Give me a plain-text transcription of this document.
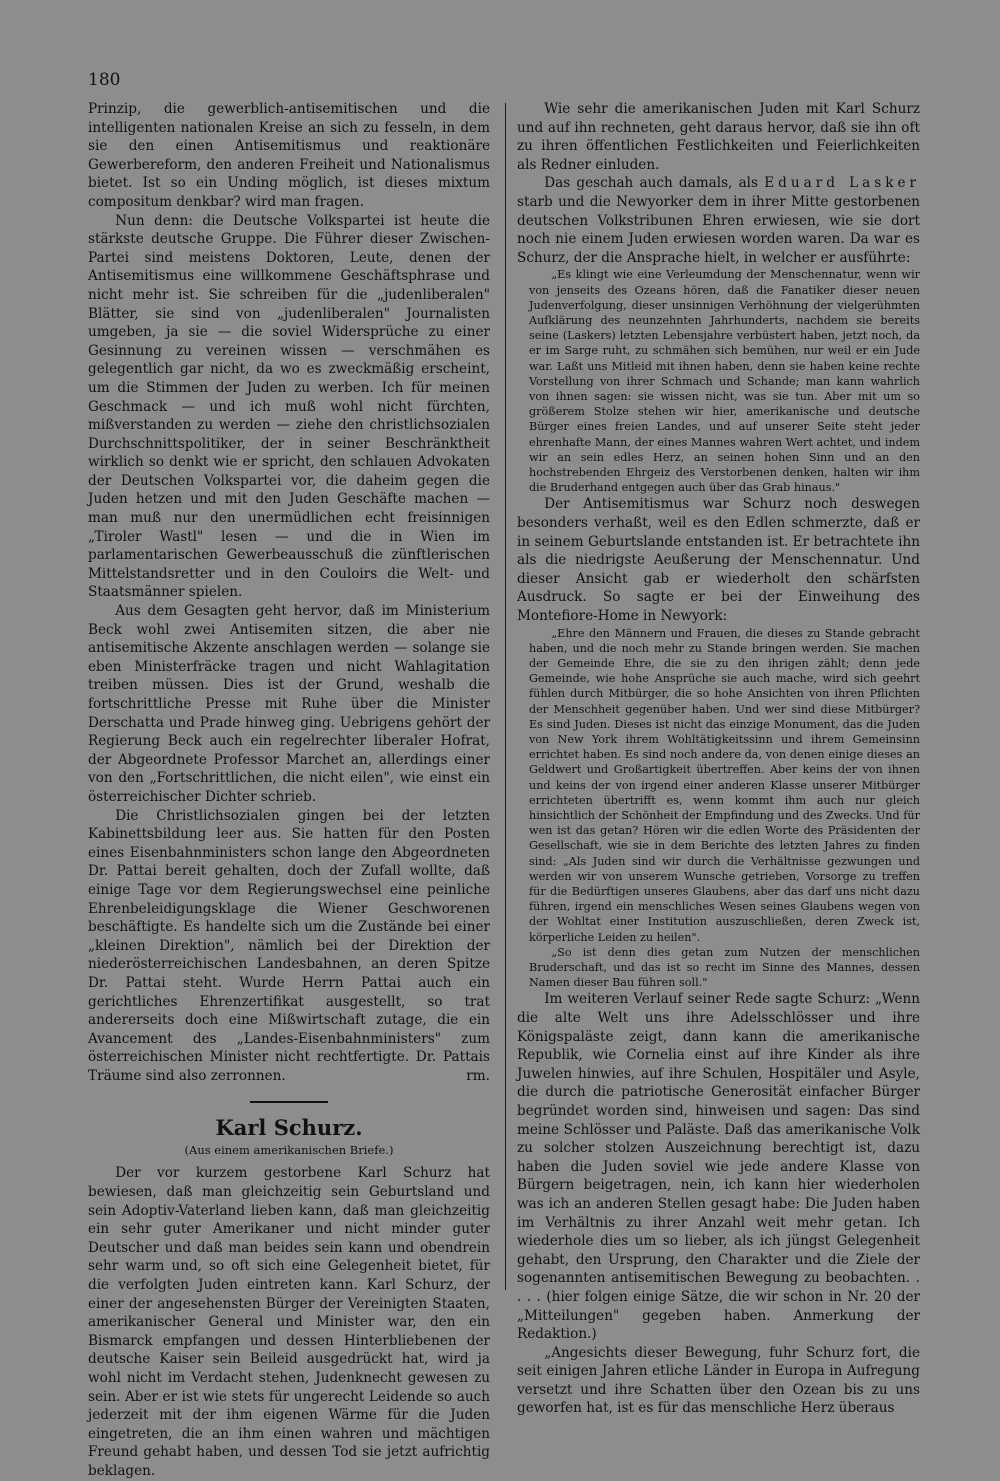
180

Prinzip, die gewerblich-antisemitischen und die intelligenten nationalen Kreise an sich zu fesseln, in dem sie den einen Antisemitismus und reaktionäre Gewerbereform, den anderen Freiheit und Nationalismus bietet. Ist so ein Unding möglich, ist dieses mixtum compositum denkbar? wird man fragen.

Nun denn: die Deutsche Volkspartei ist heute die stärkste deutsche Gruppe. Die Führer dieser Zwischen-Partei sind meistens Doktoren, Leute, denen der Antisemitismus eine willkommene Geschäftsphrase und nicht mehr ist. Sie schreiben für die „judenliberalen" Blätter, sie sind von „judenliberalen" Journalisten umgeben, ja sie — die soviel Widersprüche zu einer Gesinnung zu vereinen wissen — verschmähen es gelegentlich gar nicht, da wo es zweckmäßig erscheint, um die Stimmen der Juden zu werben. Ich für meinen Geschmack — und ich muß wohl nicht fürchten, mißverstanden zu werden — ziehe den christlichsozialen Durchschnittspolitiker, der in seiner Beschränktheit wirklich so denkt wie er spricht, den schlauen Advokaten der Deutschen Volkspartei vor, die daheim gegen die Juden hetzen und mit den Juden Geschäfte machen — man muß nur den unermüdlichen echt freisinnigen „Tiroler Wastl" lesen — und die in Wien im parlamentarischen Gewerbeausschuß die zünftlerischen Mittelstandsretter und in den Couloirs die Welt- und Staatsmänner spielen.

Aus dem Gesagten geht hervor, daß im Ministerium Beck wohl zwei Antisemiten sitzen, die aber nie antisemitische Akzente anschlagen werden — solange sie eben Ministerfräcke tragen und nicht Wahlagitation treiben müssen. Dies ist der Grund, weshalb die fortschrittliche Presse mit Ruhe über die Minister Derschatta und Prade hinweg ging. Uebrigens gehört der Regierung Beck auch ein regelrechter liberaler Hofrat, der Abgeordnete Professor Marchet an, allerdings einer von den „Fortschrittlichen, die nicht eilen", wie einst ein österreichischer Dichter schrieb.

Die Christlichsozialen gingen bei der letzten Kabinettsbildung leer aus. Sie hatten für den Posten eines Eisenbahnministers schon lange den Abgeordneten Dr. Pattai bereit gehalten, doch der Zufall wollte, daß einige Tage vor dem Regierungswechsel eine peinliche Ehrenbeleidigungsklage die Wiener Geschworenen beschäftigte. Es handelte sich um die Zustände bei einer „kleinen Direktion", nämlich bei der Direktion der niederösterreichischen Landesbahnen, an deren Spitze Dr. Pattai steht. Wurde Herrn Pattai auch ein gerichtliches Ehrenzertifikat ausgestellt, so trat andererseits doch eine Mißwirtschaft zutage, die ein Avancement des „Landes-Eisenbahnministers" zum österreichischen Minister nicht rechtfertigte. Dr. Pattais Träume sind also zerronnen.	rm.

Karl Schurz.
(Aus einem amerikanischen Briefe.)

Der vor kurzem gestorbene Karl Schurz hat bewiesen, daß man gleichzeitig sein Geburtsland und sein Adoptiv-Vaterland lieben kann, daß man gleichzeitig ein sehr guter Amerikaner und nicht minder guter Deutscher und daß man beides sein kann und obendrein sehr warm und, so oft sich eine Gelegenheit bietet, für die verfolgten Juden eintreten kann. Karl Schurz, der einer der angesehensten Bürger der Vereinigten Staaten, amerikanischer General und Minister war, den ein Bismarck empfangen und dessen Hinterbliebenen der deutsche Kaiser sein Beileid ausgedrückt hat, wird ja wohl nicht im Verdacht stehen, Judenknecht gewesen zu sein. Aber er ist wie stets für ungerecht Leidende so auch jederzeit mit der ihm eigenen Wärme für die Juden eingetreten, die an ihm einen wahren und mächtigen Freund gehabt haben, und dessen Tod sie jetzt aufrichtig beklagen.

Wie sehr die amerikanischen Juden mit Karl Schurz und auf ihn rechneten, geht daraus hervor, daß sie ihn oft zu ihren öffentlichen Festlichkeiten und Feierlichkeiten als Redner einluden.

Das geschah auch damals, als Eduard Lasker starb und die Newyorker dem in ihrer Mitte gestorbenen deutschen Volkstribunen Ehren erwiesen, wie sie dort noch nie einem Juden erwiesen worden waren. Da war es Schurz, der die Ansprache hielt, in welcher er ausführte:

„Es klingt wie eine Verleumdung der Menschennatur, wenn wir von jenseits des Ozeans hören, daß die Fanatiker dieser neuen Judenverfolgung, dieser unsinnigen Verhöhnung der vielgerühmten Aufklärung des neunzehnten Jahrhunderts, nachdem sie bereits seine (Laskers) letzten Lebensjahre verbüstert haben, jetzt noch, da er im Sarge ruht, zu schmähen sich bemühen, nur weil er ein Jude war. Laßt uns Mitleid mit ihnen haben, denn sie haben keine rechte Vorstellung von ihrer Schmach und Schande; man kann wahrlich von ihnen sagen: sie wissen nicht, was sie tun. Aber mit um so größerem Stolze stehen wir hier, amerikanische und deutsche Bürger eines freien Landes, und auf unserer Seite steht jeder ehrenhafte Mann, der eines Mannes wahren Wert achtet, und indem wir an sein edles Herz, an seinen hohen Sinn und an den hochstrebenden Ehrgeiz des Verstorbenen denken, halten wir ihm die Bruderhand entgegen auch über das Grab hinaus."

Der Antisemitismus war Schurz noch deswegen besonders verhaßt, weil es den Edlen schmerzte, daß er in seinem Geburtslande entstanden ist. Er betrachtete ihn als die niedrigste Aeußerung der Menschennatur. Und dieser Ansicht gab er wiederholt den schärfsten Ausdruck. So sagte er bei der Einweihung des Montefiore-Home in Newyork:

„Ehre den Männern und Frauen, die dieses zu Stande gebracht haben, und die noch mehr zu Stande bringen werden. Sie machen der Gemeinde Ehre, die sie zu den ihrigen zählt; denn jede Gemeinde, wie hohe Ansprüche sie auch mache, wird sich geehrt fühlen durch Mitbürger, die so hohe Ansichten von ihren Pflichten der Menschheit gegenüber haben. Und wer sind diese Mitbürger? Es sind Juden. Dieses ist nicht das einzige Monument, das die Juden von New York ihrem Wohltätigkeitssinn und ihrem Gemeinsinn errichtet haben. Es sind noch andere da, von denen einige dieses an Geldwert und Großartigkeit übertreffen. Aber keins der von ihnen und keins der von irgend einer anderen Klasse unserer Mitbürger errichteten übertrifft es, wenn kommt ihm auch nur gleich hinsichtlich der Schönheit der Empfindung und des Zwecks. Und für wen ist das getan? Hören wir die edlen Worte des Präsidenten der Gesellschaft, wie sie in dem Berichte des letzten Jahres zu finden sind: „Als Juden sind wir durch die Verhältnisse gezwungen und werden wir von unserem Wunsche getrieben, Vorsorge zu treffen für die Bedürftigen unseres Glaubens, aber das darf uns nicht dazu führen, irgend ein menschliches Wesen seines Glaubens wegen von der Wohltat einer Institution auszuschließen, deren Zweck ist, körperliche Leiden zu heilen".

„So ist denn dies getan zum Nutzen der menschlichen Bruderschaft, und das ist so recht im Sinne des Mannes, dessen Namen dieser Bau führen soll."

Im weiteren Verlauf seiner Rede sagte Schurz: „Wenn die alte Welt uns ihre Adelsschlösser und ihre Königspaläste zeigt, dann kann die amerikanische Republik, wie Cornelia einst auf ihre Kinder als ihre Juwelen hinwies, auf ihre Schulen, Hospitäler und Asyle, die durch die patriotische Generosität einfacher Bürger begründet worden sind, hinweisen und sagen: Das sind meine Schlösser und Paläste. Daß das amerikanische Volk zu solcher stolzen Auszeichnung berechtigt ist, dazu haben die Juden soviel wie jede andere Klasse von Bürgern beigetragen, nein, ich kann hier wiederholen was ich an anderen Stellen gesagt habe: Die Juden haben im Verhältnis zu ihrer Anzahl weit mehr getan. Ich wiederhole dies um so lieber, als ich jüngst Gelegenheit gehabt, den Ursprung, den Charakter und die Ziele der sogenannten antisemitischen Bewegung zu beobachten. . . . . (hier folgen einige Sätze, die wir schon in Nr. 20 der „Mitteilungen" gegeben haben. Anmerkung der Redaktion.)

„Angesichts dieser Bewegung, fuhr Schurz fort, die seit einigen Jahren etliche Länder in Europa in Aufregung versetzt und ihre Schatten über den Ozean bis zu uns geworfen hat, ist es für das menschliche Herz überaus
